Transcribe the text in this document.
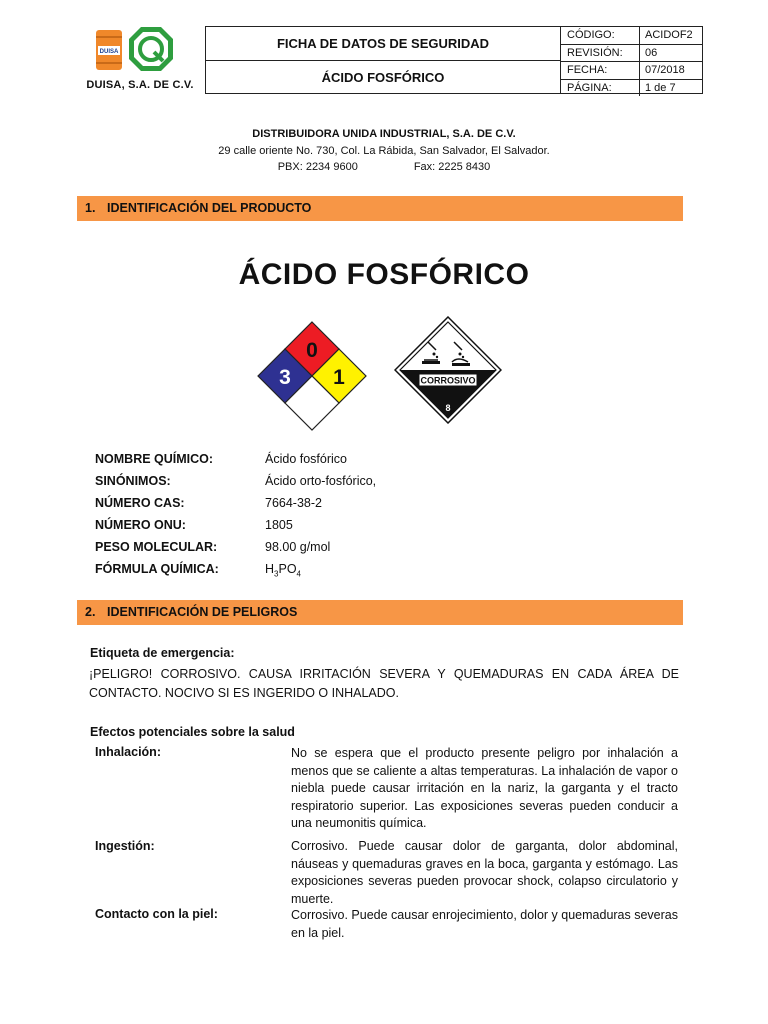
DUISA
DUISA, S.A. DE C.V.
FICHA DE DATOS DE SEGURIDAD
ÁCIDO FOSFÓRICO
CÓDIGO:	ACIDOF2
REVISIÓN:	06
FECHA:	07/2018
PÁGINA:	1 de 7
DISTRIBUIDORA UNIDA INDUSTRIAL, S.A. DE C.V.
29 calle oriente No. 730, Col. La Rábida, San Salvador, El Salvador.
PBX: 2234 9600	Fax: 2225 8430
1. IDENTIFICACIÓN DEL PRODUCTO
ÁCIDO FOSFÓRICO
0
3 1	CORROSIVO
8
NOMBRE QUÍMICO:	Ácido fosfórico
SINÓNIMOS:	Ácido orto-fosfórico,
NÚMERO CAS:	7664-38-2
NÚMERO ONU:	1805
PESO MOLECULAR:	98.00 g/mol
FÓRMULA QUÍMICA:	$H_3PO_4$
2. IDENTIFICACIÓN DE PELIGROS
Etiqueta de emergencia:
¡PELIGRO! CORROSIVO. CAUSA IRRITACIÓN SEVERA Y QUEMADURAS EN CADA ÁREA DE CONTACTO. NOCIVO SI ES INGERIDO O INHALADO.
Efectos potenciales sobre la salud
Inhalación:	No se espera que el producto presente peligro por inhalación a menos que se caliente a altas temperaturas. La inhalación de vapor o niebla puede causar irritación en la nariz, la garganta y el tracto respiratorio superior. Las exposiciones severas pueden conducir a una neumonitis química.
Ingestión:	Corrosivo. Puede causar dolor de garganta, dolor abdominal, náuseas y quemaduras graves en la boca, garganta y estómago. Las exposiciones severas pueden provocar shock, colapso circulatorio y muerte.
Contacto con la piel:	Corrosivo. Puede causar enrojecimiento, dolor y quemaduras severas en la piel.
